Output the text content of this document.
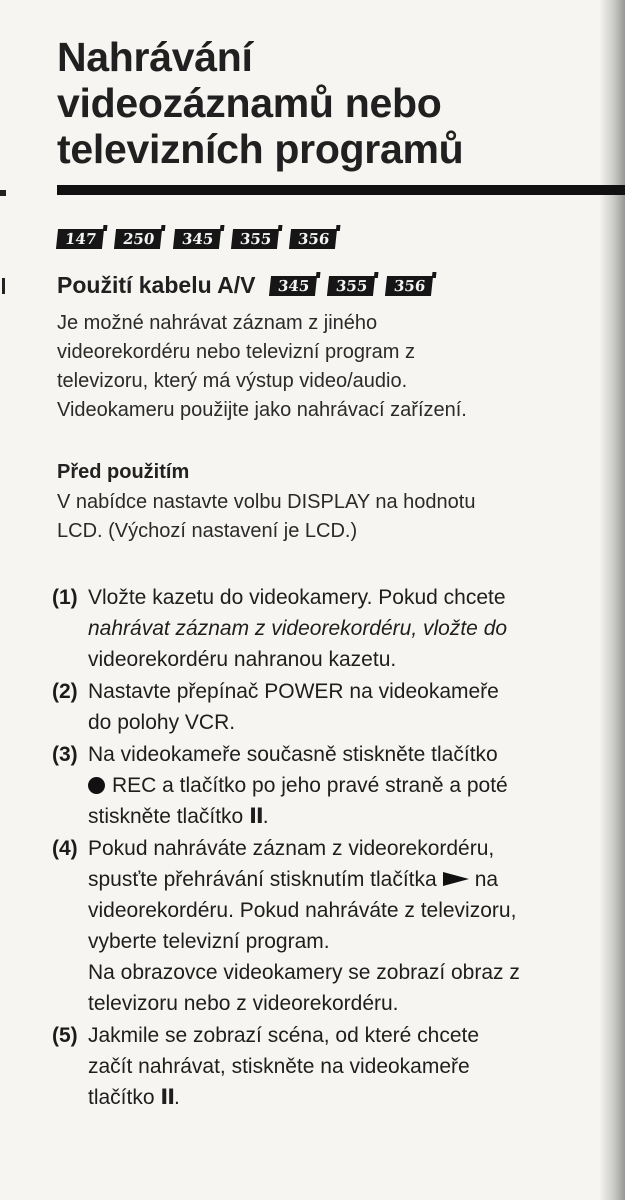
Nahrávání
videozáznamů nebo
televizních programů
147	250	345	355	356
Použití kabelu A/V	345	355	356
Je možné nahrávat záznam z jiného
videorekordéru nebo televizní program z
televizoru, který má výstup video/audio.
Videokameru použijte jako nahrávací zařízení.
Před použitím
V nabídce nastavte volbu DISPLAY na hodnotu
LCD. (Výchozí nastavení je LCD.)
(1) Vložte kazetu do videokamery. Pokud chcete
nahrávat záznam z videorekordéru, vložte do
videorekordéru nahranou kazetu.
(2) Nastavte přepínač POWER na videokameře
do polohy VCR.
(3) Na videokameře současně stiskněte tlačítko
REC a tlačítko po jeho pravé straně a poté
stiskněte tlačítko II.
(4) Pokud nahráváte záznam z videorekordéru,
spusťte přehrávání stisknutím tlačítka na
videorekordéru. Pokud nahráváte z televizoru,
vyberte televizní program.
Na obrazovce videokamery se zobrazí obraz z
televizoru nebo z videorekordéru.
(5) Jakmile se zobrazí scéna, od které chcete
začít nahrávat, stiskněte na videokameře
tlačítko II.
